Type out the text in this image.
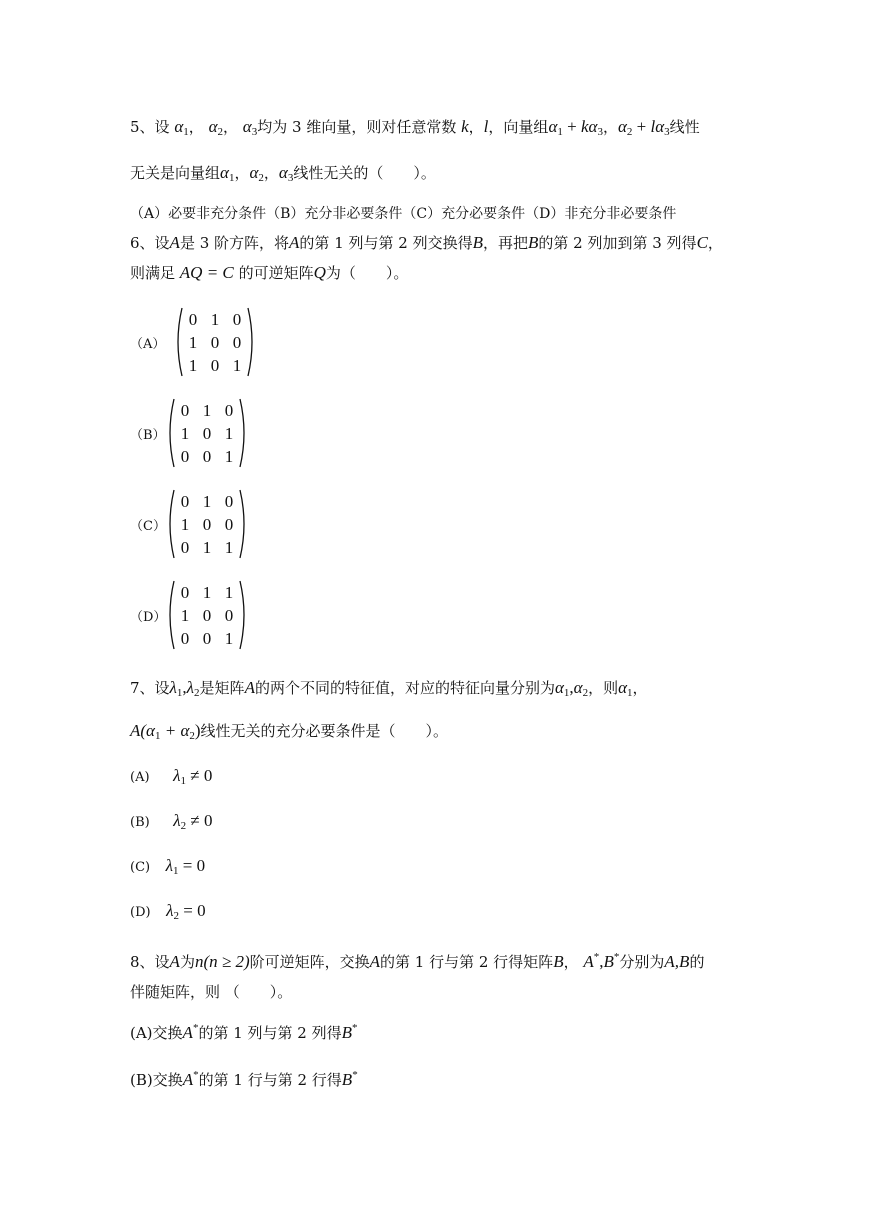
5、设 $\alpha_1$， $\alpha_2$， $\alpha_3$均为 3 维向量，则对任意常数 k，l，向量组$\alpha_1 + k\alpha_3$，$\alpha_2 + l\alpha_3$线性
无关是向量组$\alpha_1$，$\alpha_2$，$\alpha_3$线性无关的（　　）。
（A）必要非充分条件（B）充分非必要条件（C）充分必要条件（D）非充分非必要条件
6、设A是 3 阶方阵，将A的第 1 列与第 2 列交换得B，再把B的第 2 列加到第 3 列得C，
则满足 AQ = C 的可逆矩阵Q为（　　）。
（A）
0 1 0
1 0 0
1 0 1
（B）
0 1 0
1 0 1
0 0 1
（C）
0 1 0
1 0 0
0 1 1
（D）
0 1 1
1 0 0
0 0 1
7、设$\lambda_1,\lambda_2$是矩阵A的两个不同的特征值，对应的特征向量分别为$\alpha_1,\alpha_2$，则$\alpha_1$，
$A(\alpha_1 + \alpha_2)$线性无关的充分必要条件是（　　）。
(A) $\lambda_1 \ne 0$
(B) $\lambda_2 \ne 0$
(C) $\lambda_1 = 0$
(D) $\lambda_2 = 0$
8、设A为n(n ≥ 2)阶可逆矩阵，交换A的第 1 行与第 2 行得矩阵B， A*,B*分别为A,B的
伴随矩阵，则 （　　）。
(A)交换A*的第 1 列与第 2 列得B*
(B)交换A*的第 1 行与第 2 行得B*
